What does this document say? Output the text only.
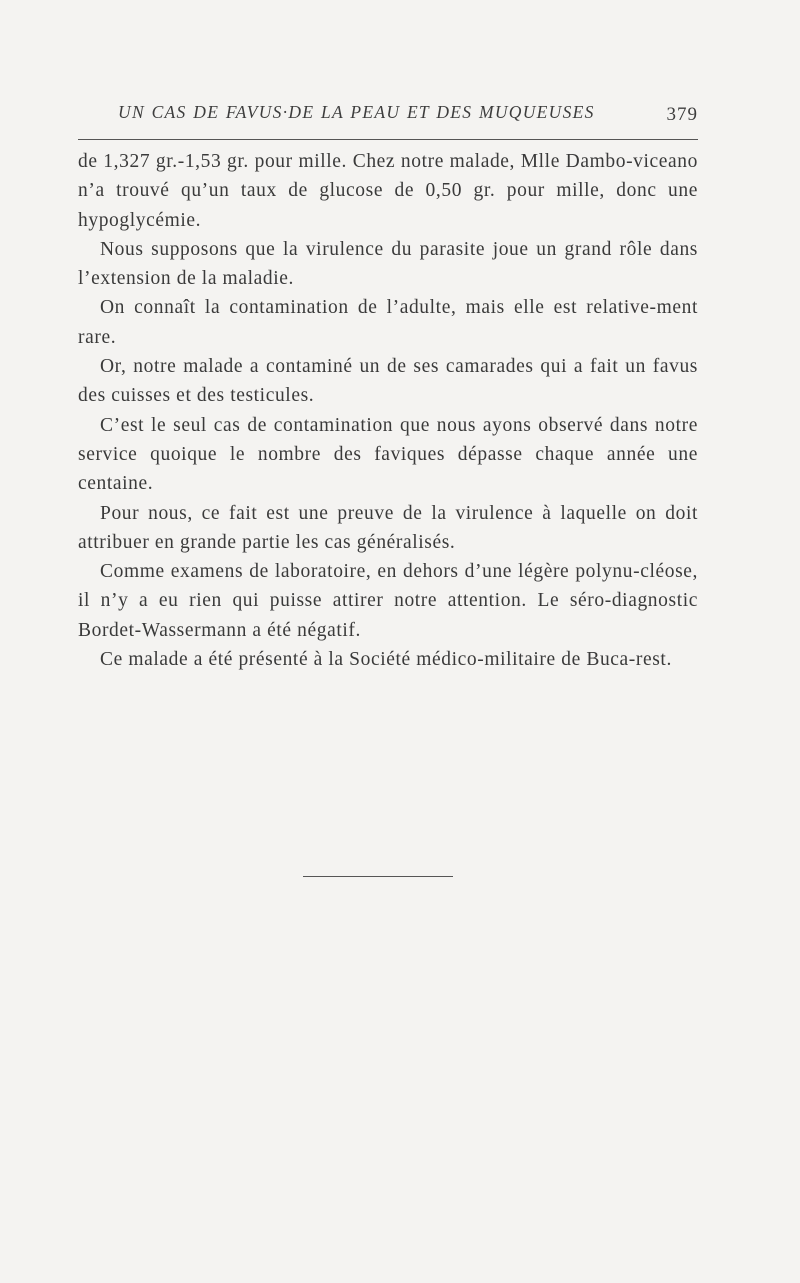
UN CAS DE FAVUS·DE LA PEAU ET DES MUQUEUSES	379

de 1,327 gr.-1,53 gr. pour mille. Chez notre malade, Mlle Dambo-viceano n’a trouvé qu’un taux de glucose de 0,50 gr. pour mille, donc une hypoglycémie.

Nous supposons que la virulence du parasite joue un grand rôle dans l’extension de la maladie.

On connaît la contamination de l’adulte, mais elle est relative-ment rare.

Or, notre malade a contaminé un de ses camarades qui a fait un favus des cuisses et des testicules.

C’est le seul cas de contamination que nous ayons observé dans notre service quoique le nombre des faviques dépasse chaque année une centaine.

Pour nous, ce fait est une preuve de la virulence à laquelle on doit attribuer en grande partie les cas généralisés.

Comme examens de laboratoire, en dehors d’une légère polynu-cléose, il n’y a eu rien qui puisse attirer notre attention. Le séro-diagnostic Bordet-Wassermann a été négatif.

Ce malade a été présenté à la Société médico-militaire de Buca-rest.
